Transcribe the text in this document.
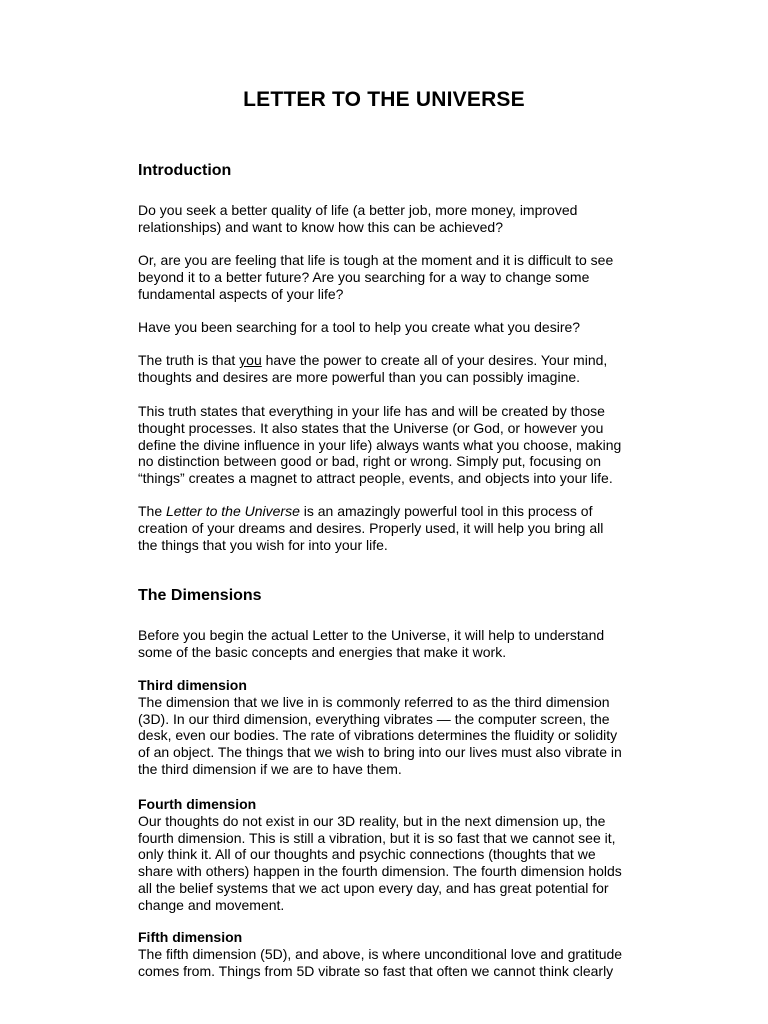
LETTER TO THE UNIVERSE
Introduction
Do you seek a better quality of life (a better job, more money, improved
relationships) and want to know how this can be achieved?
Or, are you are feeling that life is tough at the moment and it is difficult to see
beyond it to a better future? Are you searching for a way to change some
fundamental aspects of your life?
Have you been searching for a tool to help you create what you desire?
The truth is that you have the power to create all of your desires. Your mind,
thoughts and desires are more powerful than you can possibly imagine.
This truth states that everything in your life has and will be created by those
thought processes. It also states that the Universe (or God, or however you
define the divine influence in your life) always wants what you choose, making
no distinction between good or bad, right or wrong. Simply put, focusing on
“things” creates a magnet to attract people, events, and objects into your life.
The Letter to the Universe is an amazingly powerful tool in this process of
creation of your dreams and desires. Properly used, it will help you bring all
the things that you wish for into your life.
The Dimensions
Before you begin the actual Letter to the Universe, it will help to understand
some of the basic concepts and energies that make it work.
Third dimension
The dimension that we live in is commonly referred to as the third dimension
(3D). In our third dimension, everything vibrates — the computer screen, the
desk, even our bodies. The rate of vibrations determines the fluidity or solidity
of an object. The things that we wish to bring into our lives must also vibrate in
the third dimension if we are to have them.
Fourth dimension
Our thoughts do not exist in our 3D reality, but in the next dimension up, the
fourth dimension. This is still a vibration, but it is so fast that we cannot see it,
only think it. All of our thoughts and psychic connections (thoughts that we
share with others) happen in the fourth dimension. The fourth dimension holds
all the belief systems that we act upon every day, and has great potential for
change and movement.
Fifth dimension
The fifth dimension (5D), and above, is where unconditional love and gratitude
comes from. Things from 5D vibrate so fast that often we cannot think clearly
